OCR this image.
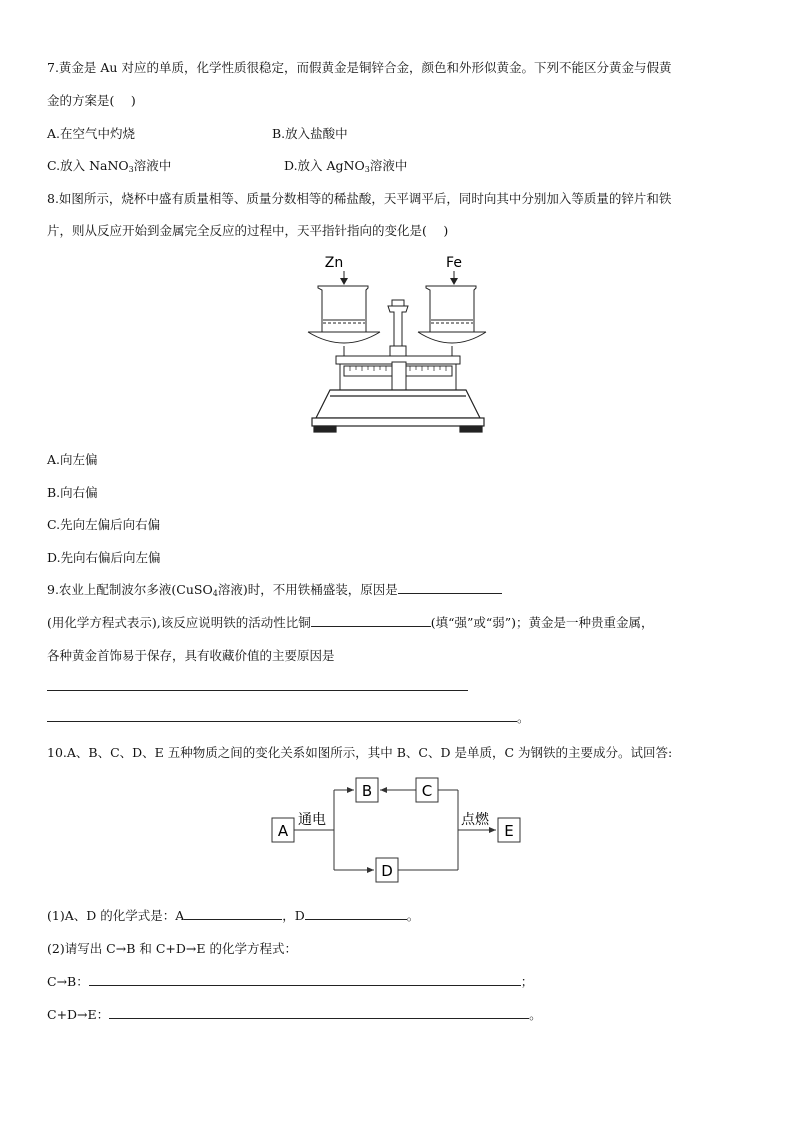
7.黄金是 Au 对应的单质，化学性质很稳定，而假黄金是铜锌合金，颜色和外形似黄金。下列不能区分黄金与假黄
金的方案是(　 )
A.在空气中灼烧	B.放入盐酸中
C.放入 NaNO$_3$溶液中	D.放入 AgNO$_3$溶液中
8.如图所示，烧杯中盛有质量相等、质量分数相等的稀盐酸，天平调平后，同时向其中分别加入等质量的锌片和铁
片，则从反应开始到金属完全反应的过程中，天平指针指向的变化是(　 )
Zn	Fe
A.向左偏
B.向右偏
C.先向左偏后向右偏
D.先向右偏后向左偏
9.农业上配制波尔多液(CuSO$_4$溶液)时，不用铁桶盛装，原因是
(用化学方程式表示),该反应说明铁的活动性比铜	(填“强”或“弱”)；黄金是一种贵重金属，
各种黄金首饰易于保存，具有收藏价值的主要原因是
。
10.A、B、C、D、E 五种物质之间的变化关系如图所示，其中 B、C、D 是单质，C 为钢铁的主要成分。试回答:
A
B	C
D
E
通电	点燃
(1)A、D 的化学式是：A	，D	。
(2)请写出 C→B 和 C+D→E 的化学方程式：
C→B：	；
C+D→E：	。
